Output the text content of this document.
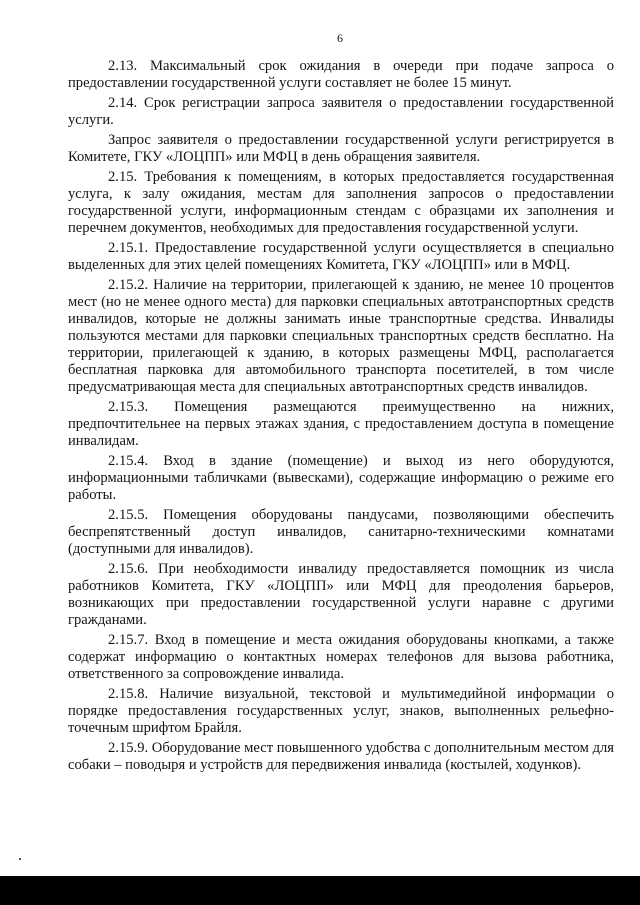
6

2.13. Максимальный срок ожидания в очереди при подаче запроса о предоставлении государственной услуги составляет не более 15 минут.

2.14. Срок регистрации запроса заявителя о предоставлении государственной услуги.

Запрос заявителя о предоставлении государственной услуги регистрируется в Комитете, ГКУ «ЛОЦПП» или МФЦ в день обращения заявителя.

2.15. Требования к помещениям, в которых предоставляется государственная услуга, к залу ожидания, местам для заполнения запросов о предоставлении государственной услуги, информационным стендам с образцами их заполнения и перечнем документов, необходимых для предоставления государственной услуги.

2.15.1. Предоставление государственной услуги осуществляется в специально выделенных для этих целей помещениях Комитета, ГКУ «ЛОЦПП» или в МФЦ.

2.15.2. Наличие на территории, прилегающей к зданию, не менее 10 процентов мест (но не менее одного места) для парковки специальных автотранспортных средств инвалидов, которые не должны занимать иные транспортные средства. Инвалиды пользуются местами для парковки специальных транспортных средств бесплатно. На территории, прилегающей к зданию, в которых размещены МФЦ, располагается бесплатная парковка для автомобильного транспорта посетителей, в том числе предусматривающая места для специальных автотранспортных средств инвалидов.

2.15.3. Помещения размещаются преимущественно на нижних, предпочтительнее на первых этажах здания, с предоставлением доступа в помещение инвалидам.

2.15.4. Вход в здание (помещение) и выход из него оборудуются, информационными табличками (вывесками), содержащие информацию о режиме его работы.

2.15.5. Помещения оборудованы пандусами, позволяющими обеспечить беспрепятственный доступ инвалидов, санитарно-техническими комнатами (доступными для инвалидов).

2.15.6. При необходимости инвалиду предоставляется помощник из числа работников Комитета, ГКУ «ЛОЦПП» или МФЦ для преодоления барьеров, возникающих при предоставлении государственной услуги наравне с другими гражданами.

2.15.7. Вход в помещение и места ожидания оборудованы кнопками, а также содержат информацию о контактных номерах телефонов для вызова работника, ответственного за сопровождение инвалида.

2.15.8. Наличие визуальной, текстовой и мультимедийной информации о порядке предоставления государственных услуг, знаков, выполненных рельефно-точечным шрифтом Брайля.

2.15.9. Оборудование мест повышенного удобства с дополнительным местом для собаки – поводыря и устройств для передвижения инвалида (костылей, ходунков).
